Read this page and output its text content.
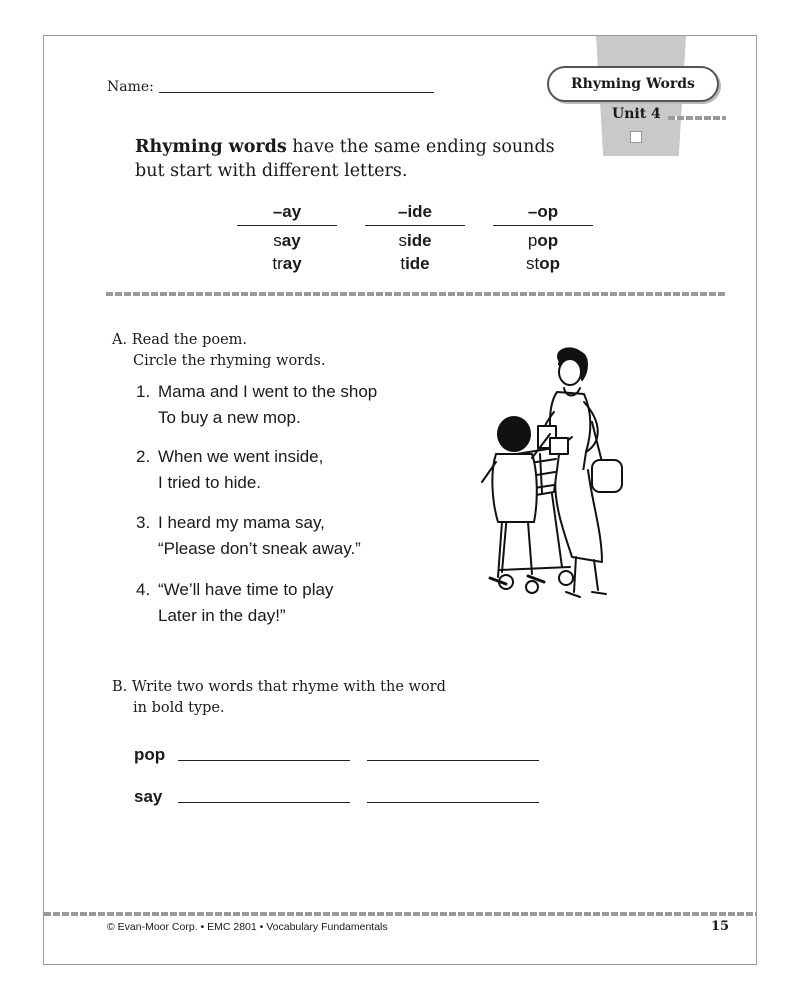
Name:	Rhyming Words
Unit 4
Rhyming words have the same ending sounds
but start with different letters.
–ay
say
tray
–ide
side
tide
–op
pop
stop
A. Read the poem.
Circle the rhyming words.
1. Mama and I went to the shop
To buy a new mop.
2. When we went inside,
I tried to hide.
3. I heard my mama say,
“Please don’t sneak away.”
4. “We’ll have time to play
Later in the day!”
B. Write two words that rhyme with the word
in bold type.
pop
say
© Evan-Moor Corp. • EMC 2801 • Vocabulary Fundamentals	15
